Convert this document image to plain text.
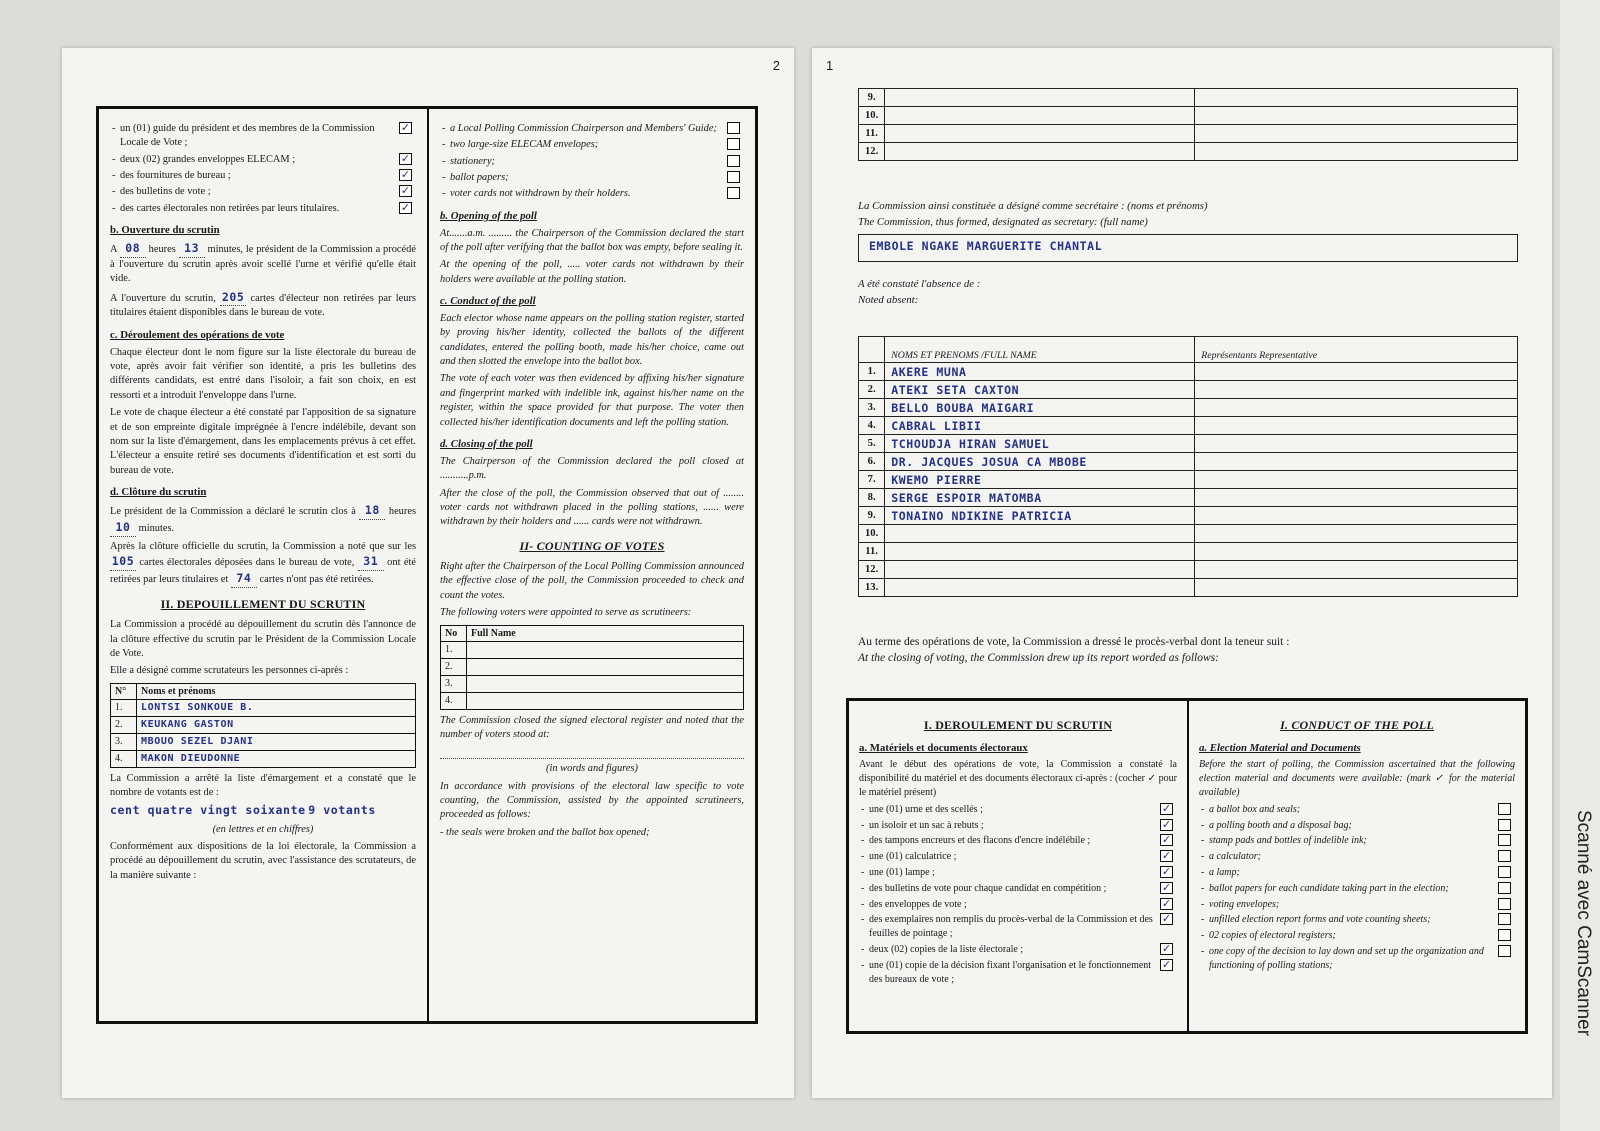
2
- un (01) guide du président et des membres de la Commission Locale de Vote ;
✓
- deux (02) grandes enveloppes ELECAM ;	✓
- des fournitures de bureau ;	✓
- des bulletins de vote ;	✓
- des cartes électorales non retirées par leurs titulaires.	✓
b. Ouverture du scrutin

A 08 heures 13 minutes, le président de la Commission a procédé à l'ouverture du scrutin après avoir scellé l'urne et vérifié qu'elle était vide.

A l'ouverture du scrutin, 205 cartes d'électeur non retirées par leurs titulaires étaient disponibles dans le bureau de vote.

c. Déroulement des opérations de vote

Chaque électeur dont le nom figure sur la liste électorale du bureau de vote, après avoir fait vérifier son identité, a pris les bulletins des différents candidats, est entré dans l'isoloir, a fait son choix, en est ressorti et a introduit l'enveloppe dans l'urne.

Le vote de chaque électeur a été constaté par l'apposition de sa signature et de son empreinte digitale imprégnée à l'encre indélébile, devant son nom sur la liste d'émargement, dans les emplacements prévus à cet effet. L'électeur a ensuite retiré ses documents d'identification et est sorti du bureau de vote.

d. Clôture du scrutin

Le président de la Commission a déclaré le scrutin clos à 18 heures 10 minutes.

Après la clôture officielle du scrutin, la Commission a noté que sur les 105 cartes électorales déposées dans le bureau de vote, 31 ont été retirées par leurs titulaires et 74 cartes n'ont pas été retirées.

II. DEPOUILLEMENT DU SCRUTIN

La Commission a procédé au dépouillement du scrutin dès l'annonce de la clôture effective du scrutin par le Président de la Commission Locale de Vote.

Elle a désigné comme scrutateurs les personnes ci-après :

N°	Noms et prénoms
1.	LONTSI SONKOUE B.
2.	KEUKANG GASTON
3.	MBOUO SEZEL DJANI
4.	MAKON DIEUDONNE

La Commission a arrêté la liste d'émargement et a constaté que le nombre de votants est de :

cent quatre vingt soixante 9 votants

(en lettres et en chiffres)

Conformément aux dispositions de la loi électorale, la Commission a procédé au dépouillement du scrutin, avec l'assistance des scrutateurs, de la manière suivante :

- a Local Polling Commission Chairperson and Members' Guide;
- two large-size ELECAM envelopes;
- stationery;
- ballot papers;
- voter cards not withdrawn by their holders.
b. Opening of the poll

At.......a.m. ......... the Chairperson of the Commission declared the start of the poll after verifying that the ballot box was empty, before sealing it.

At the opening of the poll, ..... voter cards not withdrawn by their holders were available at the polling station.

c. Conduct of the poll

Each elector whose name appears on the polling station register, started by proving his/her identity, collected the ballots of the different candidates, entered the polling booth, made his/her choice, came out and then slotted the envelope into the ballot box.

The vote of each voter was then evidenced by affixing his/her signature and fingerprint marked with indelible ink, against his/her name on the register, within the space provided for that purpose. The voter then collected his/her identification documents and left the polling station.

d. Closing of the poll

The Chairperson of the Commission declared the poll closed at ...........p.m.

After the close of the poll, the Commission observed that out of ........ voter cards not withdrawn placed in the polling stations, ...... were withdrawn by their holders and ...... cards were not withdrawn.

II- COUNTING OF VOTES

Right after the Chairperson of the Local Polling Commission announced the effective close of the poll, the Commission proceeded to check and count the votes.

The following voters were appointed to serve as scrutineers:

No	Full Name
1.	
2.	
3.	
4.	

The Commission closed the signed electoral register and noted that the number of voters stood at:

(in words and figures)

In accordance with provisions of the electoral law specific to vote counting, the Commission, assisted by the appointed scrutineers, proceeded as follows:

- the seals were broken and the ballot box opened;

1
9.		
10.		
11.		
12.		
La Commission ainsi constituée a désigné comme secrétaire : (noms et prénoms)
The Commission, thus formed, designated as secretary: (full name)
EMBOLE NGAKE MARGUERITE CHANTAL
A été constaté l'absence de :
Noted absent:
	NOMS ET PRENOMS /FULL NAME	Représentants Representative
1.	AKERE MUNA	
2.	ATEKI SETA CAXTON	
3.	BELLO BOUBA MAIGARI	
4.	CABRAL LIBII	
5.	TCHOUDJA HIRAN SAMUEL	
6.	DR. JACQUES JOSUA CA MBOBE	
7.	KWEMO PIERRE	
8.	SERGE ESPOIR MATOMBA	
9.	TONAINO NDIKINE PATRICIA	
10.		
11.		
12.		
13.		
Au terme des opérations de vote, la Commission a dressé le procès-verbal dont la teneur suit :
At the closing of voting, the Commission drew up its report worded as follows:
I. DEROULEMENT DU SCRUTIN
a. Matériels et documents électoraux

Avant le début des opérations de vote, la Commission a constaté la disponibilité du matériel et des documents électoraux ci-après : (cocher ✓ pour le matériel présent)

- une (01) urne et des scellés ;	✓
- un isoloir et un sac à rebuts ;	✓
- des tampons encreurs et des flacons d'encre indélébile ;	✓
- une (01) calculatrice ;	✓
- une (01) lampe ;	✓
- des bulletins de vote pour chaque candidat en compétition ;	✓
- des enveloppes de vote ;	✓
- des exemplaires non remplis du procès-verbal de la Commission et des feuilles de pointage ;
✓
- deux (02) copies de la liste électorale ;	✓
- une (01) copie de la décision fixant l'organisation et le fonctionnement des bureaux de vote ;
✓
I. CONDUCT OF THE POLL
a. Election Material and Documents

Before the start of polling, the Commission ascertained that the following election material and documents were available: (mark ✓ for the material available)

- a ballot box and seals;
- a polling booth and a disposal bag;
- stamp pads and bottles of indelible ink;
- a calculator;
- a lamp;
- ballot papers for each candidate taking part in the election;
- voting envelopes;
- unfilled election report forms and vote counting sheets;
- 02 copies of electoral registers;
- one copy of the decision to lay down and set up the organization and functioning of polling stations;	Scanné avec CamScanner
